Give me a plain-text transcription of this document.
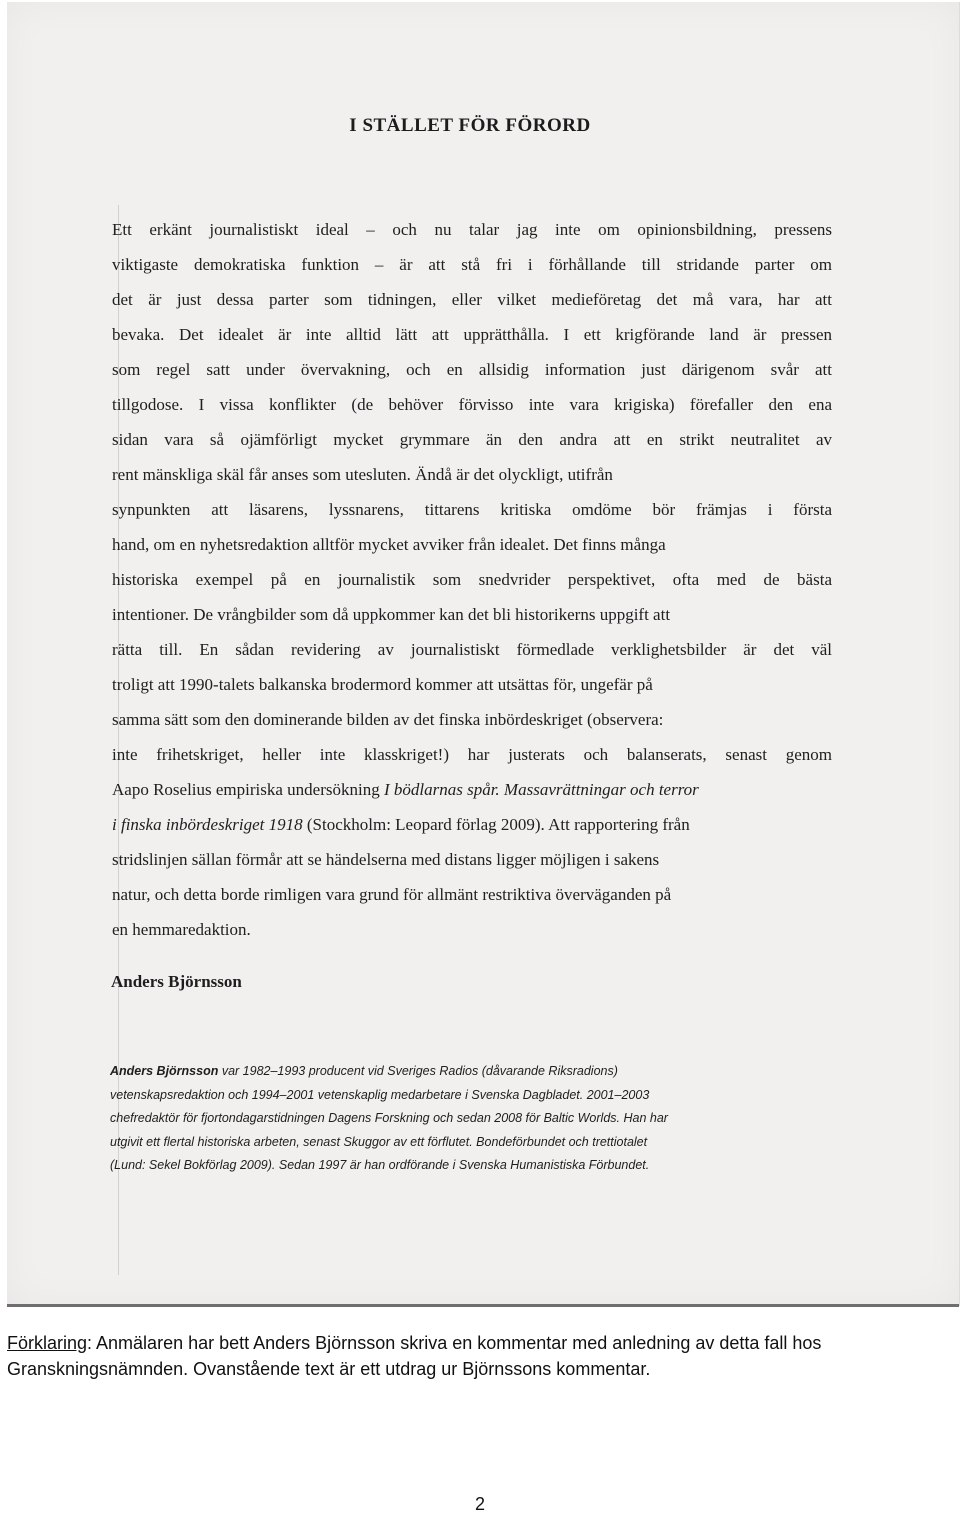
I STÄLLET FÖR FÖRORD
Ett erkänt journalistiskt ideal – och nu talar jag inte om opinionsbildning, pressens
viktigaste demokratiska funktion – är att stå fri i förhållande till stridande parter om
det är just dessa parter som tidningen, eller vilket medieföretag det må vara, har att
bevaka. Det idealet är inte alltid lätt att upprätthålla. I ett krigförande land är pressen
som regel satt under övervakning, och en allsidig information just därigenom svår att
tillgodose. I vissa konflikter (de behöver förvisso inte vara krigiska) förefaller den ena
sidan vara så ojämförligt mycket grymmare än den andra att en strikt neutralitet av
rent mänskliga skäl får anses som utesluten. Ändå är det olyckligt, utifrån
synpunkten att läsarens, lyssnarens, tittarens kritiska omdöme bör främjas i första
hand, om en nyhetsredaktion alltför mycket avviker från idealet. Det finns många
historiska exempel på en journalistik som snedvrider perspektivet, ofta med de bästa
intentioner. De vrångbilder som då uppkommer kan det bli historikerns uppgift att
rätta till. En sådan revidering av journalistiskt förmedlade verklighetsbilder är det väl
troligt att 1990-talets balkanska brodermord kommer att utsättas för, ungefär på
samma sätt som den dominerande bilden av det finska inbördeskriget (observera:
inte frihetskriget, heller inte klasskriget!) har justerats och balanserats, senast genom
Aapo Roselius empiriska undersökning I bödlarnas spår. Massavrättningar och terror
i finska inbördeskriget 1918 (Stockholm: Leopard förlag 2009). Att rapportering från
stridslinjen sällan förmår att se händelserna med distans ligger möjligen i sakens
natur, och detta borde rimligen vara grund för allmänt restriktiva överväganden på
en hemmaredaktion.
Anders Björnsson
Anders Björnsson var 1982–1993 producent vid Sveriges Radios (dåvarande Riksradions)
vetenskapsredaktion och 1994–2001 vetenskaplig medarbetare i Svenska Dagbladet. 2001–2003
chefredaktör för fjortondagarstidningen Dagens Forskning och sedan 2008 för Baltic Worlds. Han har
utgivit ett flertal historiska arbeten, senast Skuggor av ett förflutet. Bondeförbundet och trettiotalet
(Lund: Sekel Bokförlag 2009). Sedan 1997 är han ordförande i Svenska Humanistiska Förbundet.

Förklaring: Anmälaren har bett Anders Björnsson skriva en kommentar med anledning av detta fall hos Granskningsnämnden. Ovanstående text är ett utdrag ur Björnssons kommentar.

2
